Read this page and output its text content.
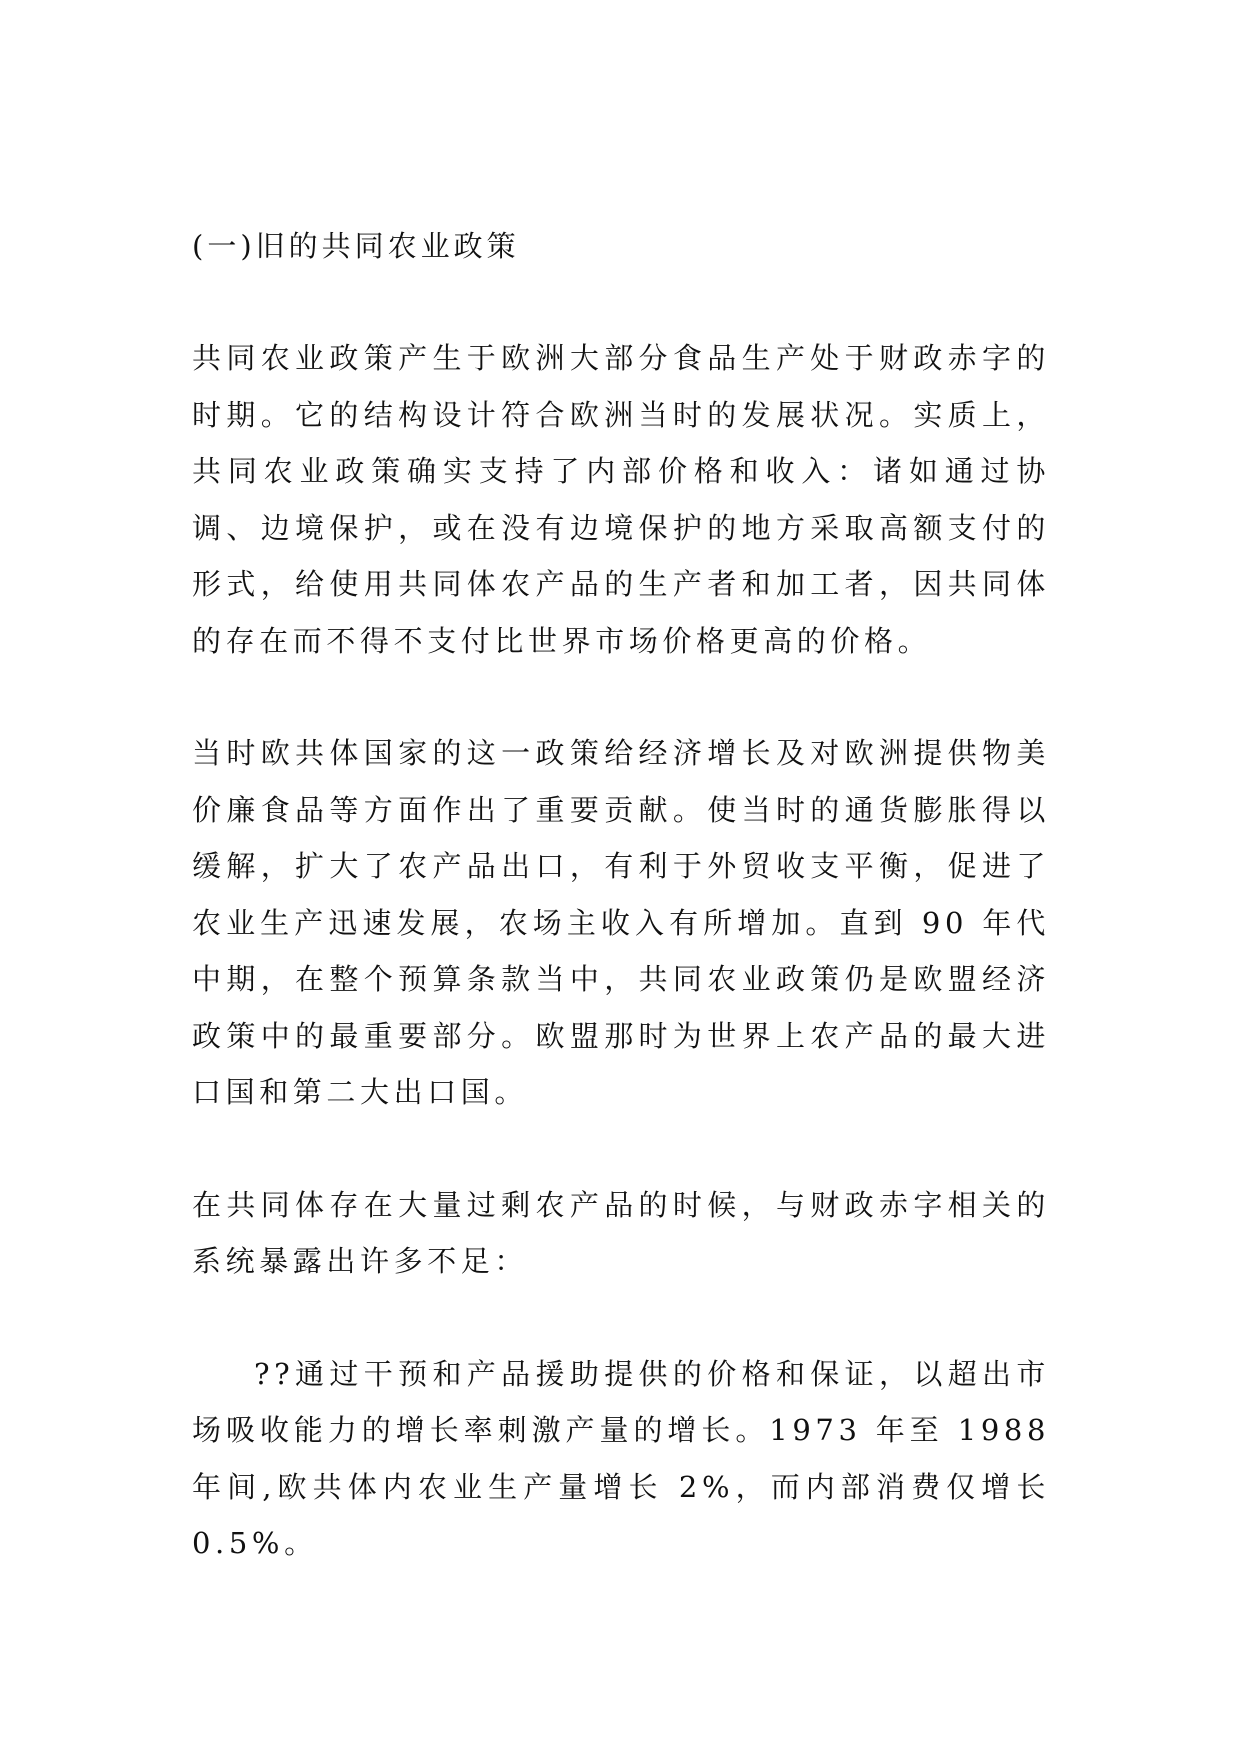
(一)旧的共同农业政策

共同农业政策产生于欧洲大部分食品生产处于财政赤字的时期。它的结构设计符合欧洲当时的发展状况。实质上，共同农业政策确实支持了内部价格和收入：诸如通过协调、边境保护，或在没有边境保护的地方采取高额支付的形式，给使用共同体农产品的生产者和加工者，因共同体的存在而不得不支付比世界市场价格更高的价格。

当时欧共体国家的这一政策给经济增长及对欧洲提供物美价廉食品等方面作出了重要贡献。使当时的通货膨胀得以缓解，扩大了农产品出口，有利于外贸收支平衡，促进了农业生产迅速发展，农场主收入有所增加。直到 90 年代中期，在整个预算条款当中，共同农业政策仍是欧盟经济政策中的最重要部分。欧盟那时为世界上农产品的最大进口国和第二大出口国。

在共同体存在大量过剩农产品的时候，与财政赤字相关的系统暴露出许多不足：

??通过干预和产品援助提供的价格和保证，以超出市场吸收能力的增长率刺激产量的增长。1973 年至 1988 年间,欧共体内农业生产量增长 2%，而内部消费仅增长 0.5%。
